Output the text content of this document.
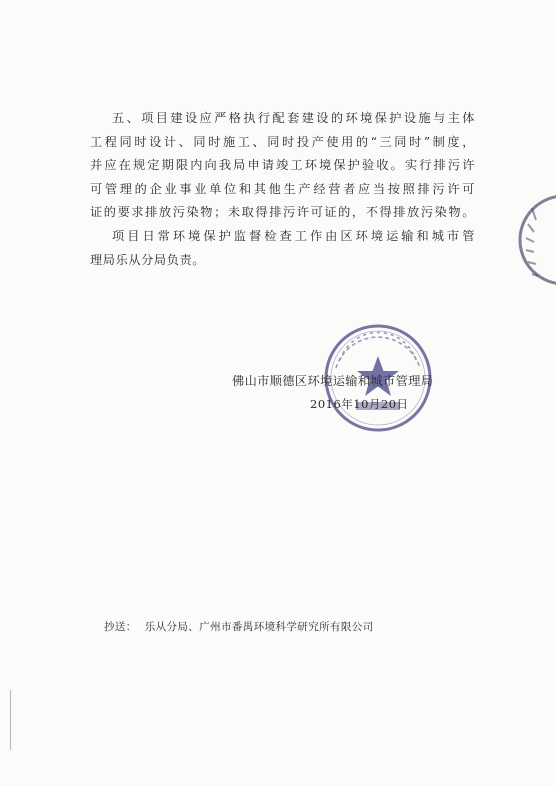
五、项目建设应严格执行配套建设的环境保护设施与主体
工程同时设计、同时施工、同时投产使用的“三同时”制度，
并应在规定期限内向我局申请竣工环境保护验收。实行排污许
可管理的企业事业单位和其他生产经营者应当按照排污许可
证的要求排放污染物；未取得排污许可证的，不得排放污染物。
项目日常环境保护监督检查工作由区环境运输和城市管
理局乐从分局负责。
佛山市顺德区环境运输和城市管理局
2016年10月20日
抄送： 乐从分局、广州市番禺环境科学研究所有限公司
